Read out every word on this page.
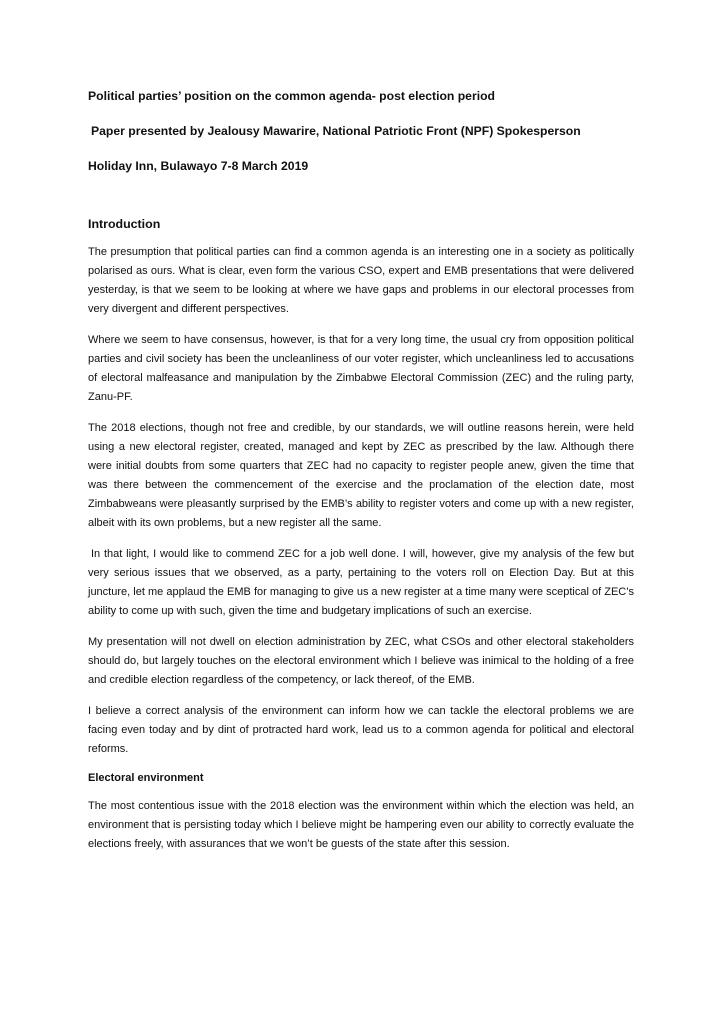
Political parties’ position on the common agenda- post election period
Paper presented by Jealousy Mawarire, National Patriotic Front (NPF) Spokesperson
Holiday Inn, Bulawayo 7-8 March 2019
Introduction

The presumption that political parties can find a common agenda is an interesting one in a society as politically polarised as ours. What is clear, even form the various CSO, expert and EMB presentations that were delivered yesterday, is that we seem to be looking at where we have gaps and problems in our electoral processes from very divergent and different perspectives.

Where we seem to have consensus, however, is that for a very long time, the usual cry from opposition political parties and civil society has been the uncleanliness of our voter register, which uncleanliness led to accusations of electoral malfeasance and manipulation by the Zimbabwe Electoral Commission (ZEC) and the ruling party, Zanu-PF.

The 2018 elections, though not free and credible, by our standards, we will outline reasons herein, were held using a new electoral register, created, managed and kept by ZEC as prescribed by the law. Although there were initial doubts from some quarters that ZEC had no capacity to register people anew, given the time that was there between the commencement of the exercise and the proclamation of the election date, most Zimbabweans were pleasantly surprised by the EMB’s ability to register voters and come up with a new register, albeit with its own problems, but a new register all the same.

In that light, I would like to commend ZEC for a job well done. I will, however, give my analysis of the few but very serious issues that we observed, as a party, pertaining to the voters roll on Election Day. But at this juncture, let me applaud the EMB for managing to give us a new register at a time many were sceptical of ZEC’s ability to come up with such, given the time and budgetary implications of such an exercise.

My presentation will not dwell on election administration by ZEC, what CSOs and other electoral stakeholders should do, but largely touches on the electoral environment which I believe was inimical to the holding of a free and credible election regardless of the competency, or lack thereof, of the EMB.

I believe a correct analysis of the environment can inform how we can tackle the electoral problems we are facing even today and by dint of protracted hard work, lead us to a common agenda for political and electoral reforms.

Electoral environment

The most contentious issue with the 2018 election was the environment within which the election was held, an environment that is persisting today which I believe might be hampering even our ability to correctly evaluate the elections freely, with assurances that we won’t be guests of the state after this session.
